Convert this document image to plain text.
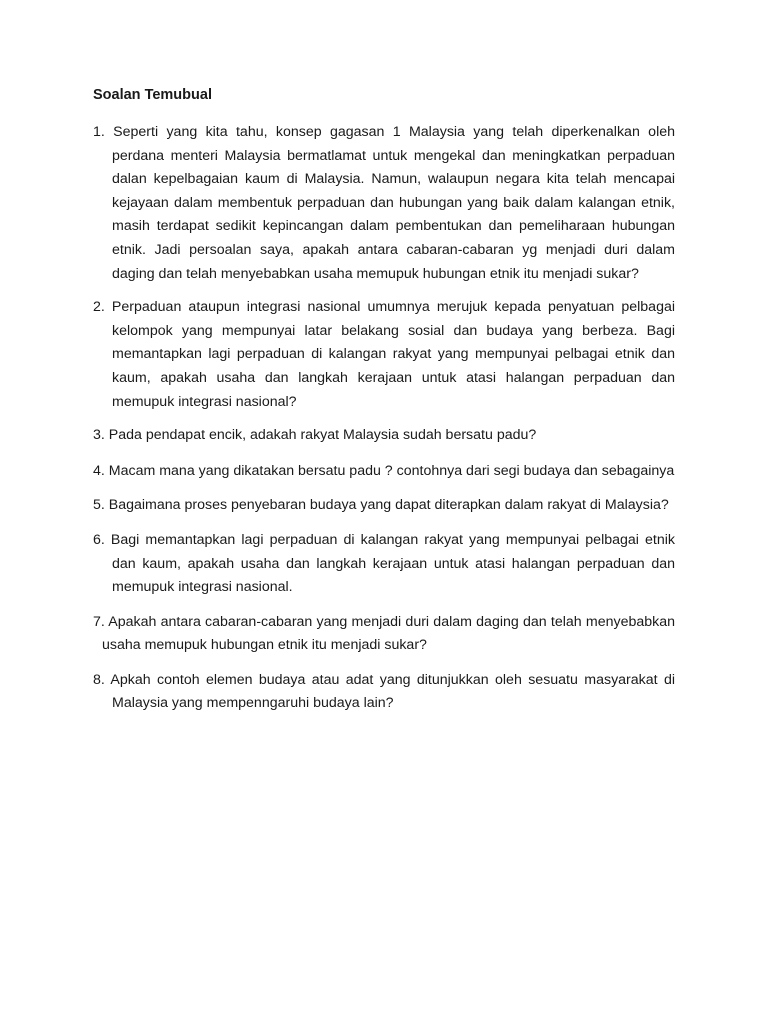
Soalan Temubual
1. Seperti yang kita tahu, konsep gagasan 1 Malaysia yang telah diperkenalkan oleh perdana menteri Malaysia bermatlamat untuk mengekal dan meningkatkan perpaduan dalan kepelbagaian kaum di Malaysia. Namun, walaupun negara kita telah mencapai kejayaan dalam membentuk perpaduan dan hubungan yang baik dalam kalangan etnik, masih terdapat sedikit kepincangan dalam pembentukan dan pemeliharaan hubungan etnik. Jadi persoalan saya, apakah antara cabaran-cabaran yg menjadi duri dalam daging dan telah menyebabkan usaha memupuk hubungan etnik itu menjadi sukar?
2. Perpaduan ataupun integrasi nasional umumnya merujuk kepada penyatuan pelbagai kelompok yang mempunyai latar belakang sosial dan budaya yang berbeza. Bagi memantapkan lagi perpaduan di kalangan rakyat yang mempunyai pelbagai etnik dan kaum, apakah usaha dan langkah kerajaan untuk atasi halangan perpaduan dan memupuk integrasi nasional?
3. Pada pendapat encik, adakah rakyat Malaysia sudah bersatu padu?
4. Macam mana yang dikatakan bersatu padu ? contohnya dari segi budaya dan sebagainya
5. Bagaimana proses penyebaran budaya yang dapat diterapkan dalam rakyat di Malaysia?
6. Bagi memantapkan lagi perpaduan di kalangan rakyat yang mempunyai pelbagai etnik dan kaum, apakah usaha dan langkah kerajaan untuk atasi halangan perpaduan dan memupuk integrasi nasional.
7. Apakah antara cabaran-cabaran yang menjadi duri dalam daging dan telah menyebabkan usaha memupuk hubungan etnik itu menjadi sukar?
8. Apkah contoh elemen budaya atau adat yang ditunjukkan oleh sesuatu masyarakat di Malaysia yang mempenngaruhi budaya lain?
